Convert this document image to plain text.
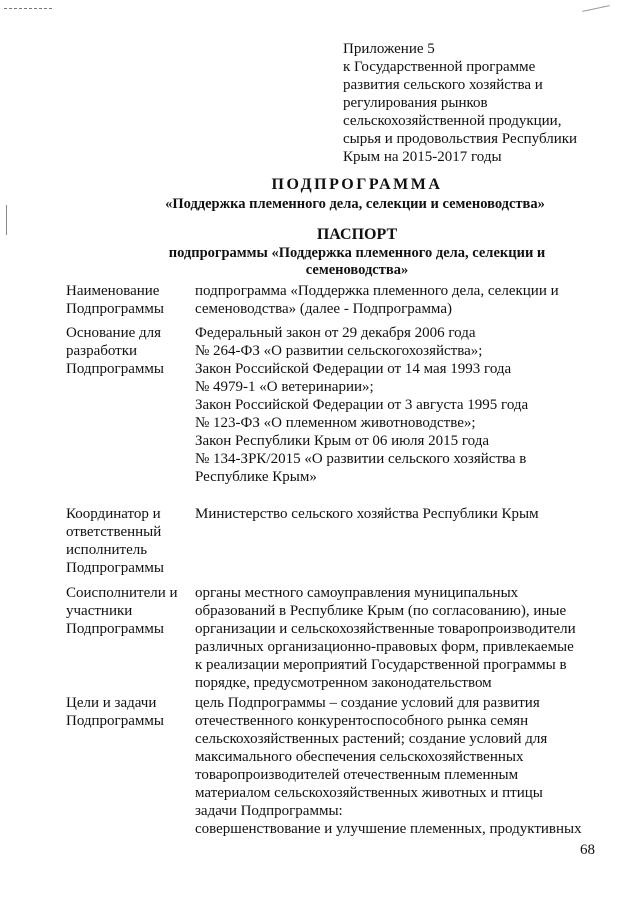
Приложение 5
к Государственной программе
развития сельского хозяйства и
регулирования рынков
сельскохозяйственной продукции,
сырья и продовольствия Республики
Крым на 2015-2017 годы
ПОДПРОГРАММА
«Поддержка племенного дела, селекции и семеноводства»
ПАСПОРТ
подпрограммы «Поддержка племенного дела, селекции и
семеноводства»
Наименование
Подпрограммы
подпрограмма «Поддержка племенного дела, селекции и
семеноводства» (далее - Подпрограмма)
Основание для
разработки
Подпрограммы
Федеральный закон от 29 декабря 2006 года
№ 264-ФЗ «О развитии сельскогохозяйства»;
Закон Российской Федерации от 14 мая 1993 года
№ 4979-1 «О ветеринарии»;
Закон Российской Федерации от 3 августа 1995 года
№ 123-ФЗ «О племенном животноводстве»;
Закон Республики Крым от 06 июля 2015 года
№ 134-ЗРК/2015 «О развитии сельского хозяйства в
Республике Крым»
Координатор и
ответственный
исполнитель
Подпрограммы
Министерство сельского хозяйства Республики Крым
Соисполнители и
участники
Подпрограммы
органы местного самоуправления муниципальных
образований в Республике Крым (по согласованию), иные
организации и сельскохозяйственные товаропроизводители
различных организационно-правовых форм, привлекаемые
к реализации мероприятий Государственной программы в
порядке, предусмотренном законодательством
Цели и задачи
Подпрограммы
цель Подпрограммы – создание условий для развития
отечественного конкурентоспособного рынка семян
сельскохозяйственных растений; создание условий для
максимального обеспечения сельскохозяйственных
товаропроизводителей отечественным племенным
материалом сельскохозяйственных животных и птицы
задачи Подпрограммы:
совершенствование и улучшение племенных, продуктивных
68
